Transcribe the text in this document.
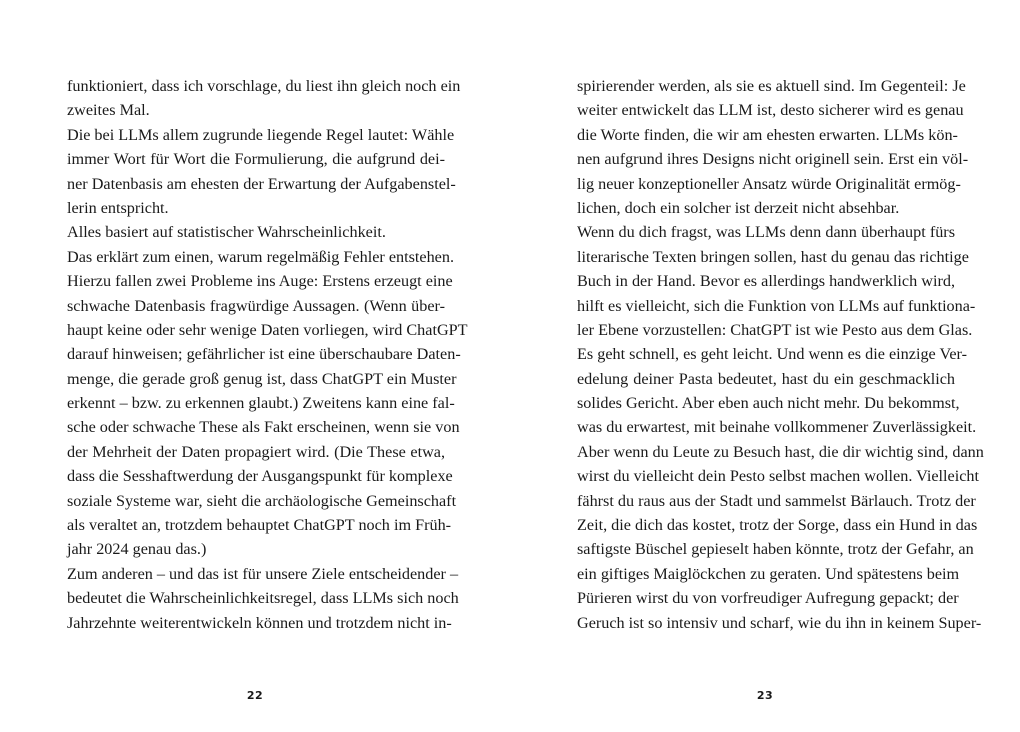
funktioniert, dass ich vorschlage, du liest ihn gleich noch ein
zweites Mal.
Die bei LLMs allem zugrunde liegende Regel lautet: Wähle
immer Wort für Wort die Formulierung, die aufgrund dei-
ner Datenbasis am ehesten der Erwartung der Aufgabenstel-
lerin entspricht.
Alles basiert auf statistischer Wahrscheinlichkeit.
Das erklärt zum einen, warum regelmäßig Fehler entstehen.
Hierzu fallen zwei Probleme ins Auge: Erstens erzeugt eine
schwache Datenbasis fragwürdige Aussagen. (Wenn über-
haupt keine oder sehr wenige Daten vorliegen, wird ChatGPT
darauf hinweisen; gefährlicher ist eine überschaubare Daten-
menge, die gerade groß genug ist, dass ChatGPT ein Muster
erkennt – bzw. zu erkennen glaubt.) Zweitens kann eine fal-
sche oder schwache These als Fakt erscheinen, wenn sie von
der Mehrheit der Daten propagiert wird. (Die These etwa,
dass die Sesshaftwerdung der Ausgangspunkt für komplexe
soziale Systeme war, sieht die archäologische Gemeinschaft
als veraltet an, trotzdem behauptet ChatGPT noch im Früh-
jahr 2024 genau das.)
Zum anderen – und das ist für unsere Ziele entscheidender –
bedeutet die Wahrscheinlichkeitsregel, dass LLMs sich noch
Jahrzehnte weiterentwickeln können und trotzdem nicht in-
22
spirierender werden, als sie es aktuell sind. Im Gegenteil: Je
weiter entwickelt das LLM ist, desto sicherer wird es genau
die Worte finden, die wir am ehesten erwarten. LLMs kön-
nen aufgrund ihres Designs nicht originell sein. Erst ein völ-
lig neuer konzeptioneller Ansatz würde Originalität ermög-
lichen, doch ein solcher ist derzeit nicht absehbar.
Wenn du dich fragst, was LLMs denn dann überhaupt fürs
literarische Texten bringen sollen, hast du genau das richtige
Buch in der Hand. Bevor es allerdings handwerklich wird,
hilft es vielleicht, sich die Funktion von LLMs auf funktiona-
ler Ebene vorzustellen: ChatGPT ist wie Pesto aus dem Glas.
Es geht schnell, es geht leicht. Und wenn es die einzige Ver-
edelung deiner Pasta bedeutet, hast du ein geschmacklich
solides Gericht. Aber eben auch nicht mehr. Du bekommst,
was du erwartest, mit beinahe vollkommener Zuverlässigkeit.
Aber wenn du Leute zu Besuch hast, die dir wichtig sind, dann
wirst du vielleicht dein Pesto selbst machen wollen. Vielleicht
fährst du raus aus der Stadt und sammelst Bärlauch. Trotz der
Zeit, die dich das kostet, trotz der Sorge, dass ein Hund in das
saftigste Büschel gepieselt haben könnte, trotz der Gefahr, an
ein giftiges Maiglöckchen zu geraten. Und spätestens beim
Pürieren wirst du von vorfreudiger Aufregung gepackt; der
Geruch ist so intensiv und scharf, wie du ihn in keinem Super-
23
